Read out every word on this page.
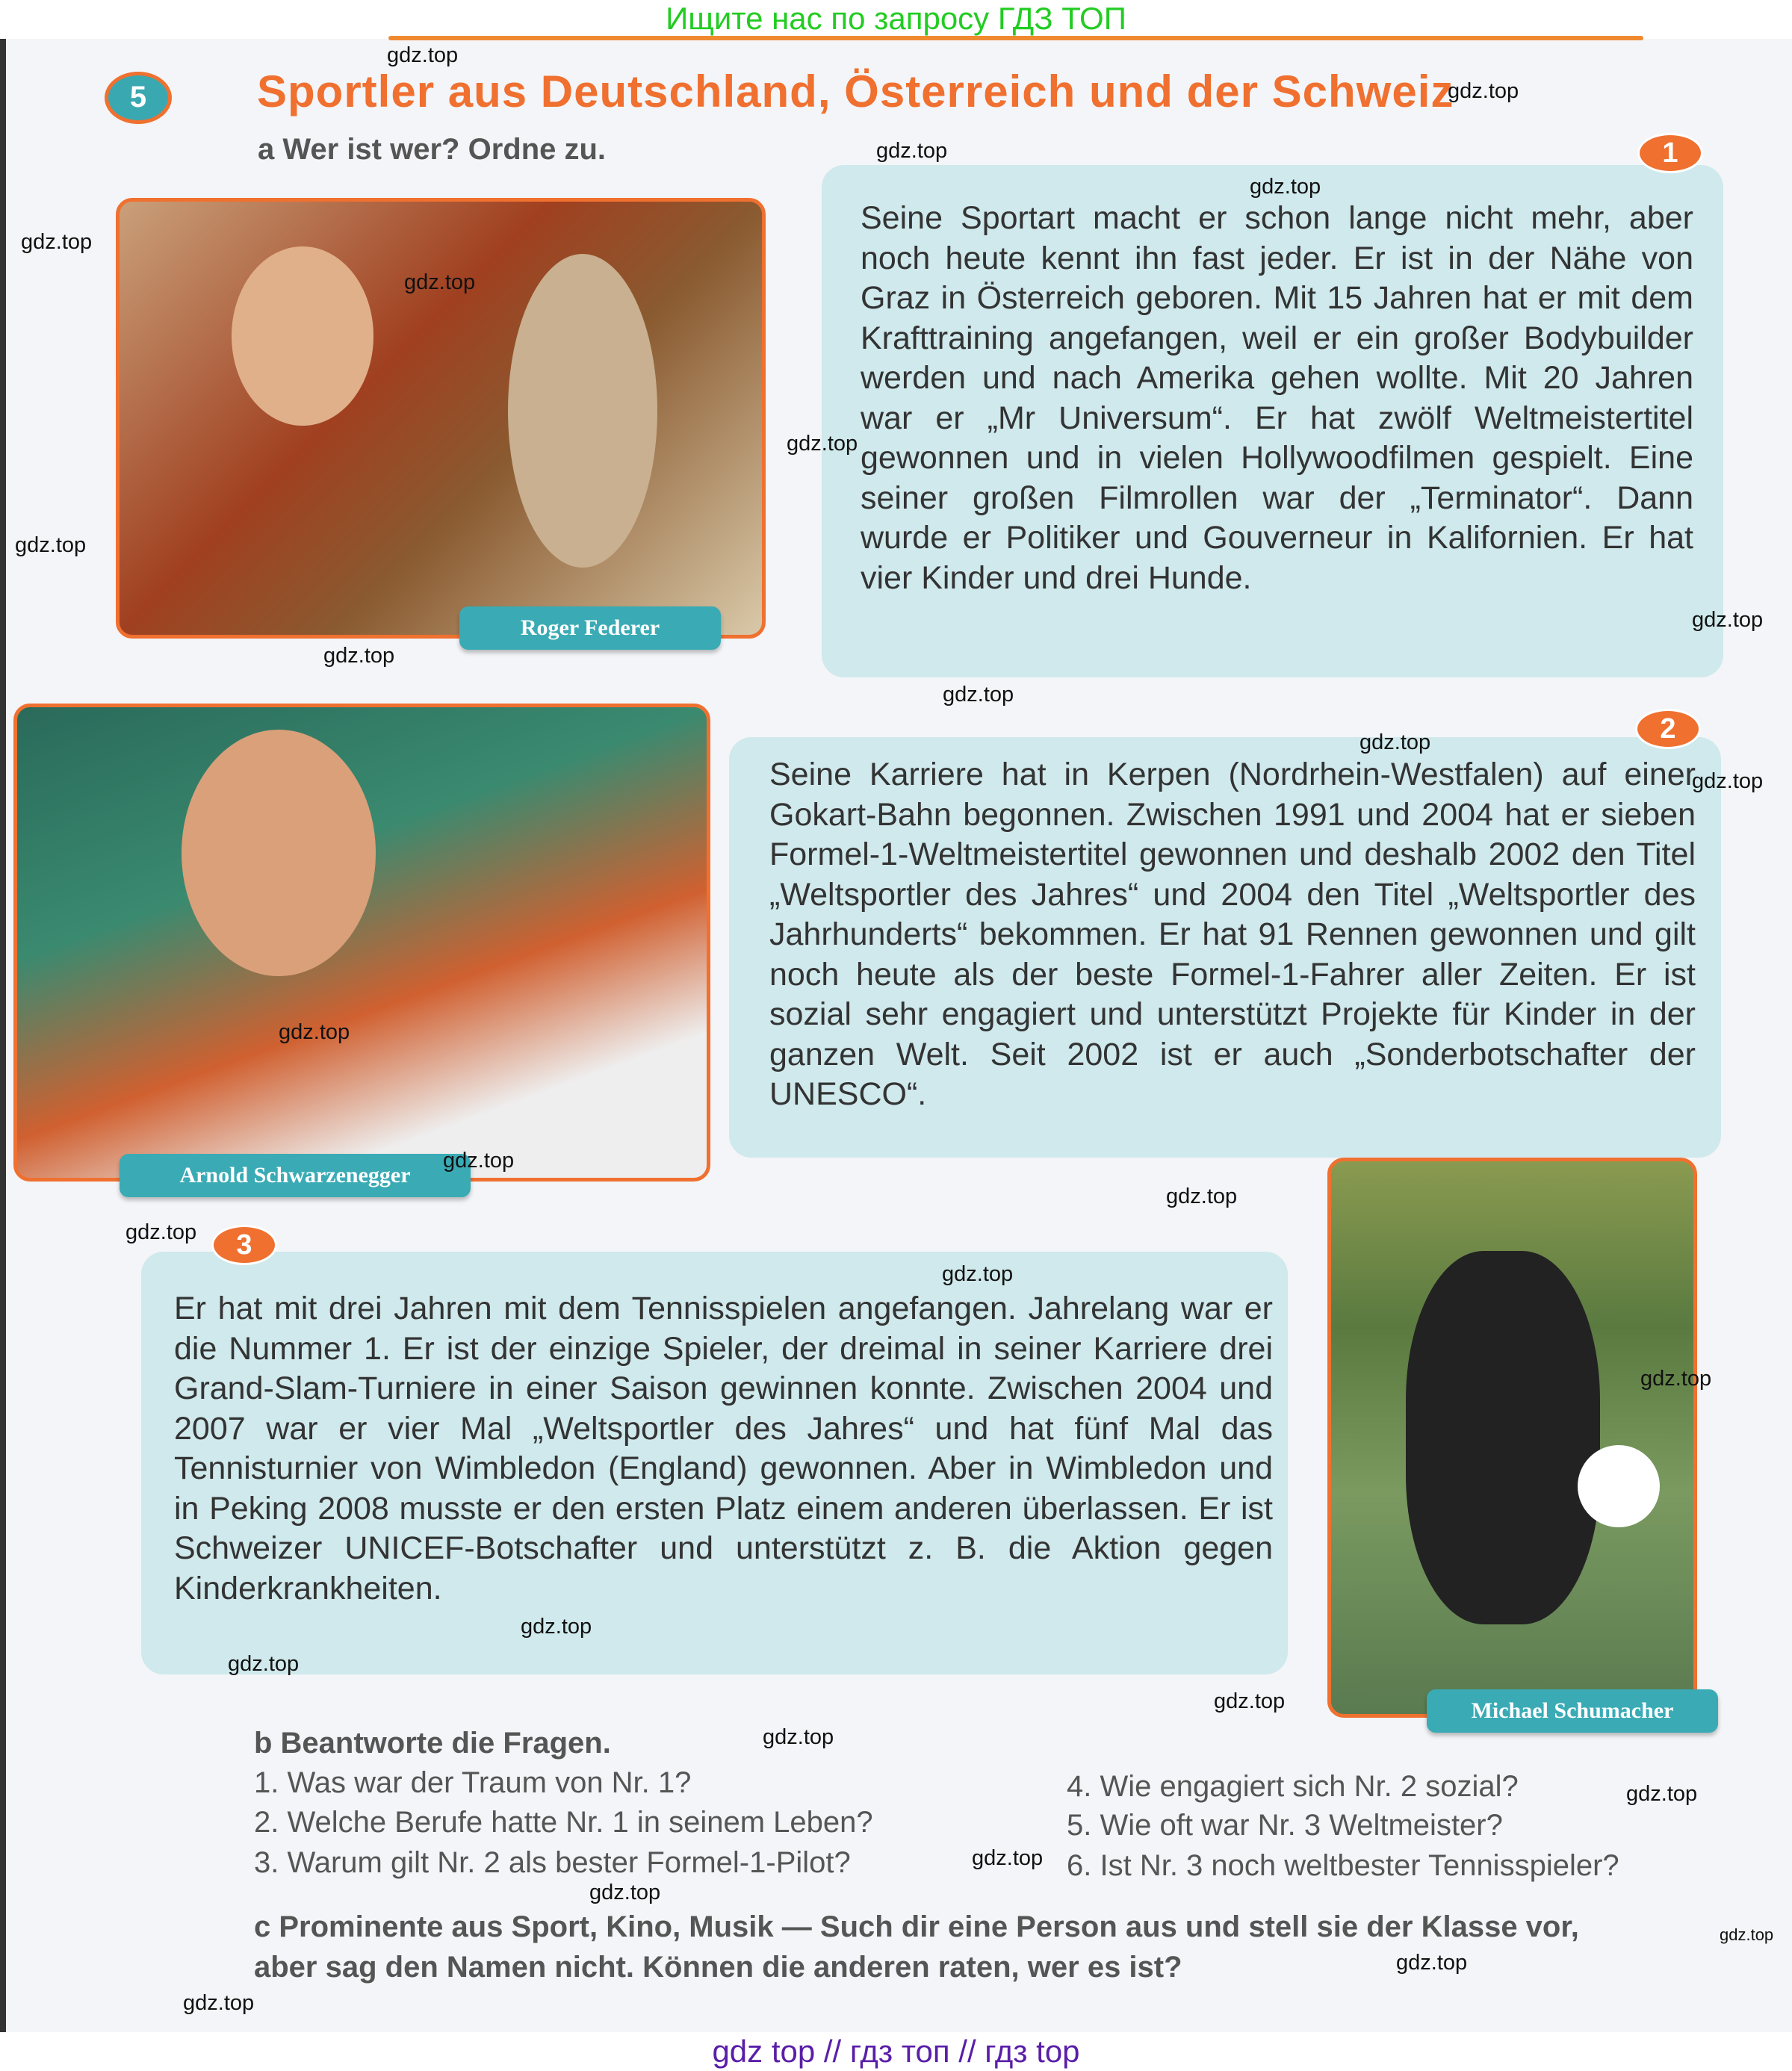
Ищите нас по запросу ГДЗ ТОП
5	Sportler aus Deutschland, Österreich und der Schweiz
a Wer ist wer? Ordne zu.
Roger Federer
Arnold Schwarzenegger
Michael Schumacher
Seine Sportart macht er schon lange nicht mehr, aber noch heute kennt ihn fast jeder. Er ist in der Nähe von Graz in Österreich geboren. Mit 15 Jahren hat er mit dem Krafttraining angefangen, weil er ein großer Bodybuilder werden und nach Amerika gehen wollte. Mit 20 Jahren war er „Mr Universum“. Er hat zwölf Weltmeistertitel gewonnen und in vielen Hollywoodfilmen gespielt. Eine seiner großen Filmrollen war der „Terminator“. Dann wurde er Politiker und Gouverneur in Kalifornien. Er hat vier Kinder und drei Hunde.
1
Seine Karriere hat in Kerpen (Nordrhein-Westfalen) auf einer Gokart-Bahn begonnen. Zwischen 1991 und 2004 hat er sieben Formel-1-Weltmeistertitel gewonnen und deshalb 2002 den Titel „Weltsportler des Jahres“ und 2004 den Titel „Weltsportler des Jahrhunderts“ bekommen. Er hat 91 Rennen gewonnen und gilt noch heute als der beste Formel-1-Fahrer aller Zeiten. Er ist sozial sehr engagiert und unterstützt Projekte für Kinder in der ganzen Welt. Seit 2002 ist er auch „Sonderbotschafter der UNESCO“.
2
Er hat mit drei Jahren mit dem Tennisspielen angefangen. Jahrelang war er die Nummer 1. Er ist der einzige Spieler, der dreimal in seiner Karriere drei Grand-Slam-Turniere in einer Saison gewinnen konnte. Zwischen 2004 und 2007 war er vier Mal „Weltsportler des Jahres“ und hat fünf Mal das Tennisturnier von Wimbledon (England) gewonnen. Aber in Wimbledon und in Peking 2008 musste er den ersten Platz einem anderen überlassen. Er ist Schweizer UNICEF-Botschafter und unterstützt z. B. die Aktion gegen Kinderkrankheiten.
3
b Beantworte die Fragen.
1. Was war der Traum von Nr. 1?
2. Welche Berufe hatte Nr. 1 in seinem Leben?
3. Warum gilt Nr. 2 als bester Formel-1-Pilot?
4. Wie engagiert sich Nr. 2 sozial?
5. Wie oft war Nr. 3 Weltmeister?
6. Ist Nr. 3 noch weltbester Tennisspieler?
c Prominente aus Sport, Kino, Musik — Such dir eine Person aus und stell sie der Klasse vor,
aber sag den Namen nicht. Können die anderen raten, wer es ist?
gdz.top
gdz.top
gdz.top
gdz.top
gdz.top
gdz.top
gdz.top
gdz.top
gdz.top
gdz.top
gdz.top
gdz.top
gdz.top
gdz.top
gdz.top
gdz.top
gdz.top
gdz.top
gdz.top
gdz.top
gdz.top
gdz.top
gdz.top
gdz.top
gdz.top
gdz.top
gdz.top
gdz.top
gdz.top
gdz top // гдз топ // гдз top
